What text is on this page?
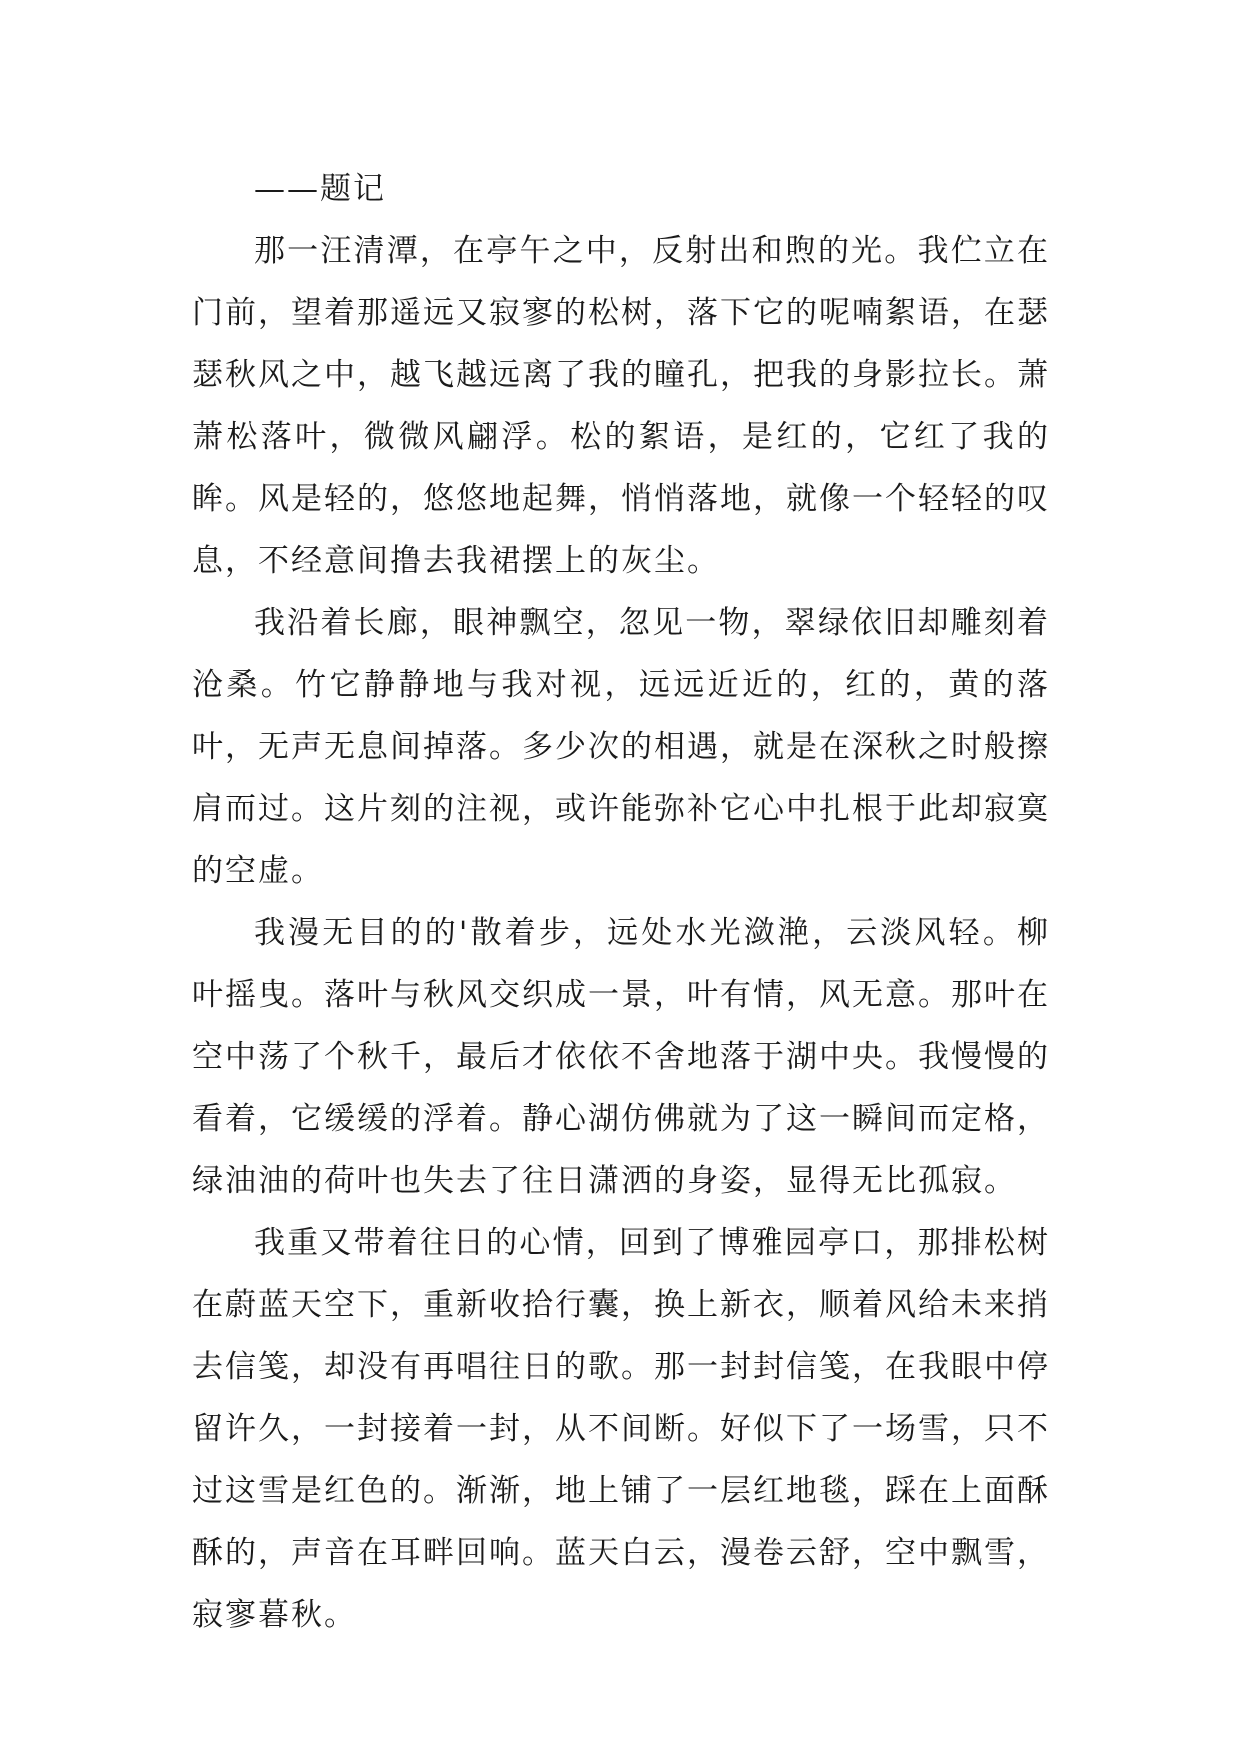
——题记

那一汪清潭，在亭午之中，反射出和煦的光。我伫立在门前，望着那遥远又寂寥的松树，落下它的呢喃絮语，在瑟瑟秋风之中，越飞越远离了我的瞳孔，把我的身影拉长。萧萧松落叶，微微风翩浮。松的絮语，是红的，它红了我的眸。风是轻的，悠悠地起舞，悄悄落地，就像一个轻轻的叹息，不经意间撸去我裙摆上的灰尘。

我沿着长廊，眼神飘空，忽见一物，翠绿依旧却雕刻着沧桑。竹它静静地与我对视，远远近近的，红的，黄的落叶，无声无息间掉落。多少次的相遇，就是在深秋之时般擦肩而过。这片刻的注视，或许能弥补它心中扎根于此却寂寞的空虚。

我漫无目的的'散着步，远处水光潋滟，云淡风轻。柳叶摇曳。落叶与秋风交织成一景，叶有情，风无意。那叶在空中荡了个秋千，最后才依依不舍地落于湖中央。我慢慢的看着，它缓缓的浮着。静心湖仿佛就为了这一瞬间而定格，绿油油的荷叶也失去了往日潇洒的身姿，显得无比孤寂。

我重又带着往日的心情，回到了博雅园亭口，那排松树在蔚蓝天空下，重新收拾行囊，换上新衣，顺着风给未来捎去信笺，却没有再唱往日的歌。那一封封信笺，在我眼中停留许久，一封接着一封，从不间断。好似下了一场雪，只不过这雪是红色的。渐渐，地上铺了一层红地毯，踩在上面酥酥的，声音在耳畔回响。蓝天白云，漫卷云舒，空中飘雪，寂寥暮秋。
